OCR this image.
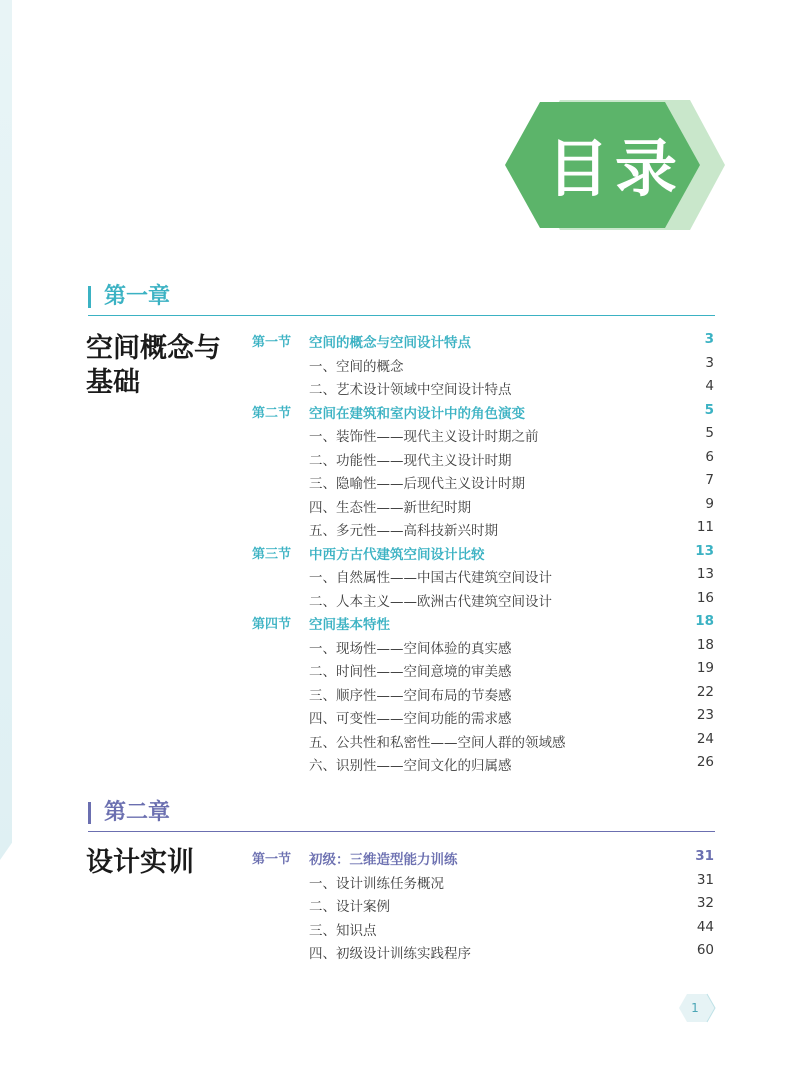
目录
第一章
空间概念与
基础
第一节 空间的概念与空间设计特点	3
一、空间的概念	3
二、艺术设计领域中空间设计特点	4
第二节 空间在建筑和室内设计中的角色演变	5
一、装饰性——现代主义设计时期之前	5
二、功能性——现代主义设计时期	6
三、隐喻性——后现代主义设计时期	7
四、生态性——新世纪时期	9
五、多元性——高科技新兴时期	11
第三节 中西方古代建筑空间设计比较	13
一、自然属性——中国古代建筑空间设计	13
二、人本主义——欧洲古代建筑空间设计	16
第四节 空间基本特性	18
一、现场性——空间体验的真实感	18
二、时间性——空间意境的审美感	19
三、顺序性——空间布局的节奏感	22
四、可变性——空间功能的需求感	23
五、公共性和私密性——空间人群的领域感	24
六、识别性——空间文化的归属感	26
第二章
设计实训	第一节 初级：三维造型能力训练	31
一、设计训练任务概况	31
二、设计案例	32
三、知识点	44
四、初级设计训练实践程序	60
1
